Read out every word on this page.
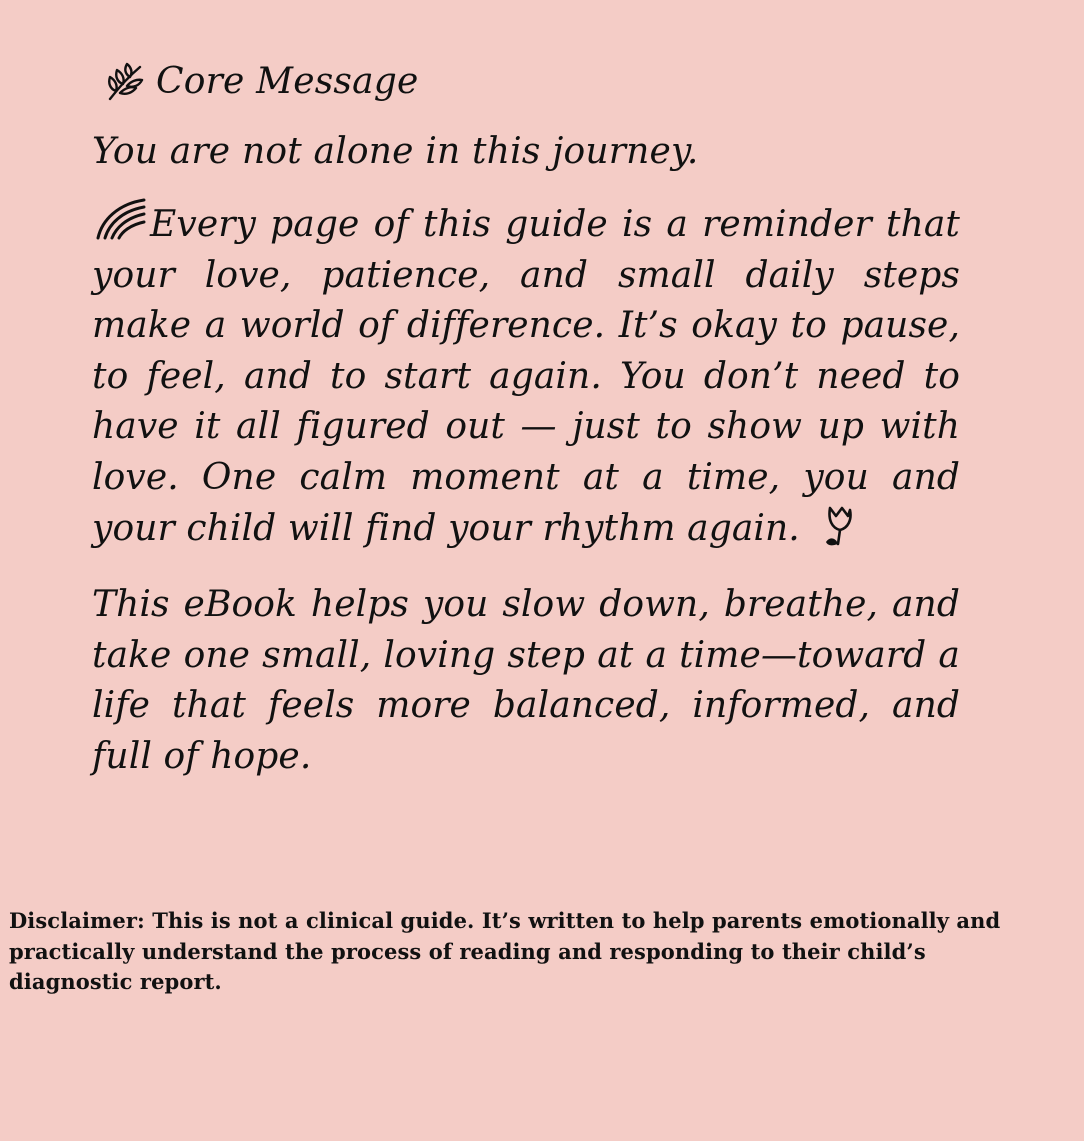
Core Message
You are not alone in this journey.
Every page of this guide is a reminder that your love, patience, and small daily steps make a world of difference. It’s okay to pause, to feel, and to start again. You don’t need to have it all figured out — just to show up with love. One calm moment at a time, you and your child will find your rhythm again.
This eBook helps you slow down, breathe, and take one small, loving step at a time—toward a life that feels more balanced, informed, and full of hope.
Disclaimer: This is not a clinical guide. It’s written to help parents emotionally and practically understand the process of reading and responding to their child’s diagnostic report.
